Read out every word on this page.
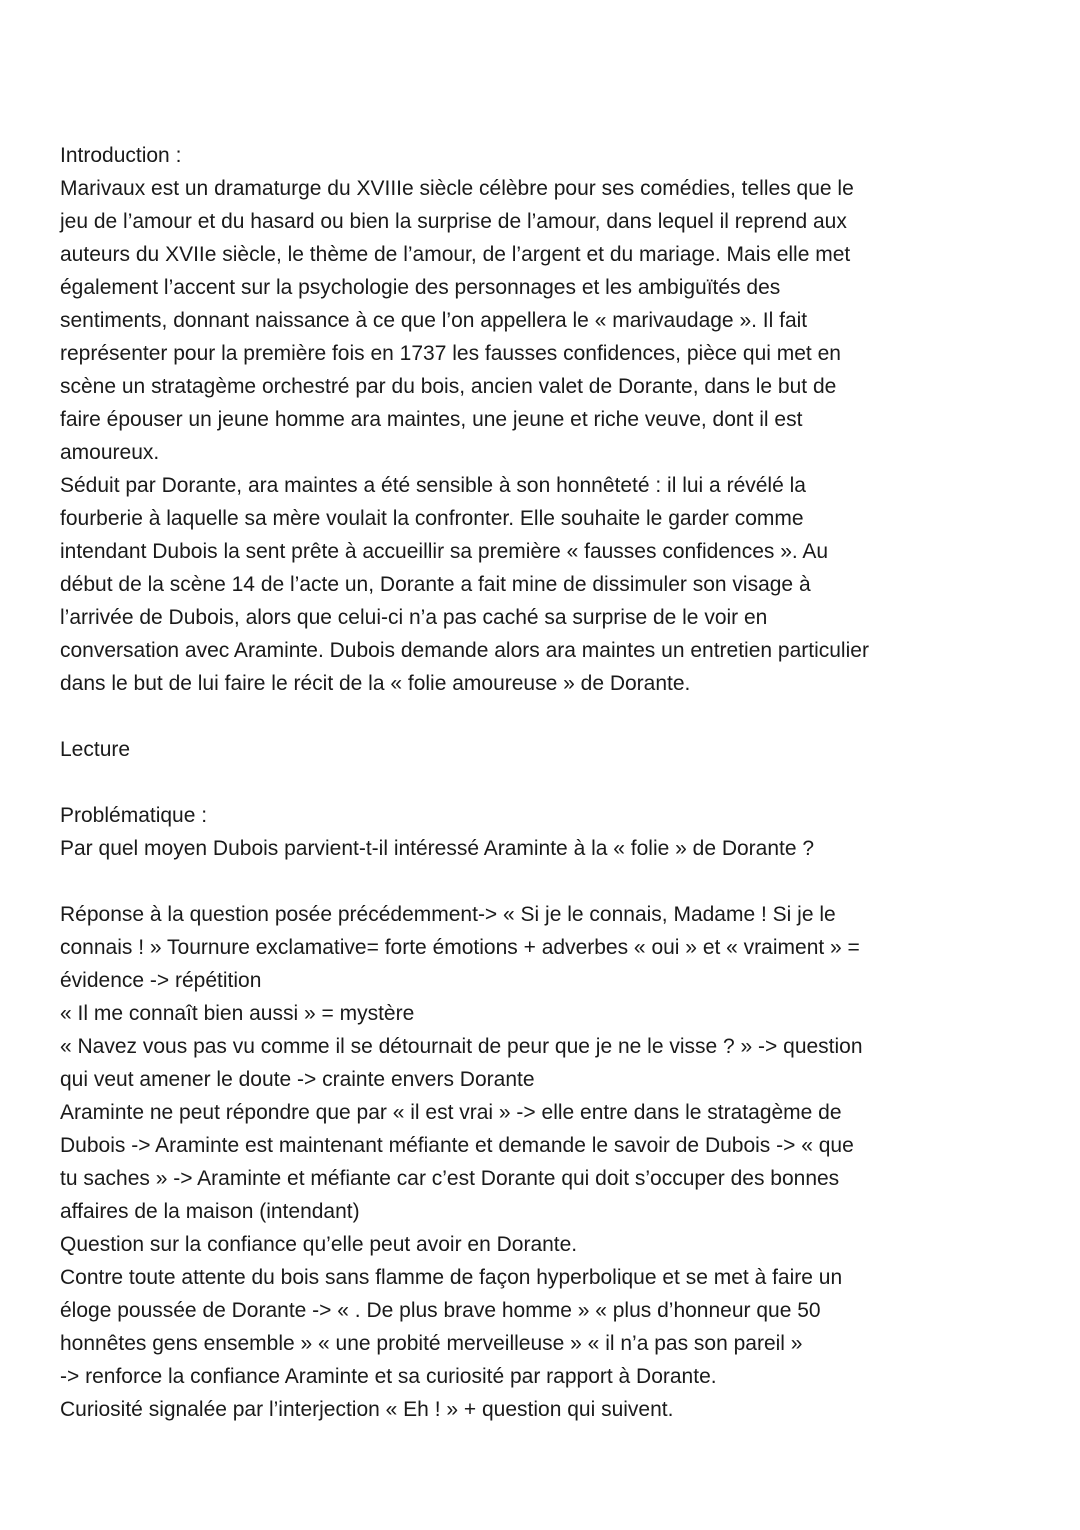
Introduction :
Marivaux est un dramaturge du XVIIIe siècle célèbre pour ses comédies, telles que le
jeu de l’amour et du hasard ou bien la surprise de l’amour, dans lequel il reprend aux
auteurs du XVIIe siècle, le thème de l’amour, de l’argent et du mariage. Mais elle met
également l’accent sur la psychologie des personnages et les ambiguïtés des
sentiments, donnant naissance à ce que l’on appellera le « marivaudage ». Il fait
représenter pour la première fois en 1737 les fausses confidences, pièce qui met en
scène un stratagème orchestré par du bois, ancien valet de Dorante, dans le but de
faire épouser un jeune homme ara maintes, une jeune et riche veuve, dont il est
amoureux.
Séduit par Dorante, ara maintes a été sensible à son honnêteté : il lui a révélé la
fourberie à laquelle sa mère voulait la confronter. Elle souhaite le garder comme
intendant Dubois la sent prête à accueillir sa première « fausses confidences ». Au
début de la scène 14 de l’acte un, Dorante a fait mine de dissimuler son visage à
l’arrivée de Dubois, alors que celui-ci n’a pas caché sa surprise de le voir en
conversation avec Araminte. Dubois demande alors ara maintes un entretien particulier
dans le but de lui faire le récit de la « folie amoureuse » de Dorante.
Lecture
Problématique :
Par quel moyen Dubois parvient-t-il intéressé Araminte à la « folie » de Dorante ?
Réponse à la question posée précédemment-> « Si je le connais, Madame ! Si je le
connais ! » Tournure exclamative= forte émotions + adverbes « oui » et « vraiment » =
évidence -> répétition
« Il me connaît bien aussi » = mystère
« Navez vous pas vu comme il se détournait de peur que je ne le visse ? » -> question
qui veut amener le doute -> crainte envers Dorante
Araminte ne peut répondre que par « il est vrai » -> elle entre dans le stratagème de
Dubois -> Araminte est maintenant méfiante et demande le savoir de Dubois -> « que
tu saches » -> Araminte et méfiante car c’est Dorante qui doit s’occuper des bonnes
affaires de la maison (intendant)
Question sur la confiance qu’elle peut avoir en Dorante.
Contre toute attente du bois sans flamme de façon hyperbolique et se met à faire un
éloge poussée de Dorante -> « . De plus brave homme » « plus d’honneur que 50
honnêtes gens ensemble » « une probité merveilleuse » « il n’a pas son pareil »
-> renforce la confiance Araminte et sa curiosité par rapport à Dorante.
Curiosité signalée par l’interjection « Eh ! » + question qui suivent.
